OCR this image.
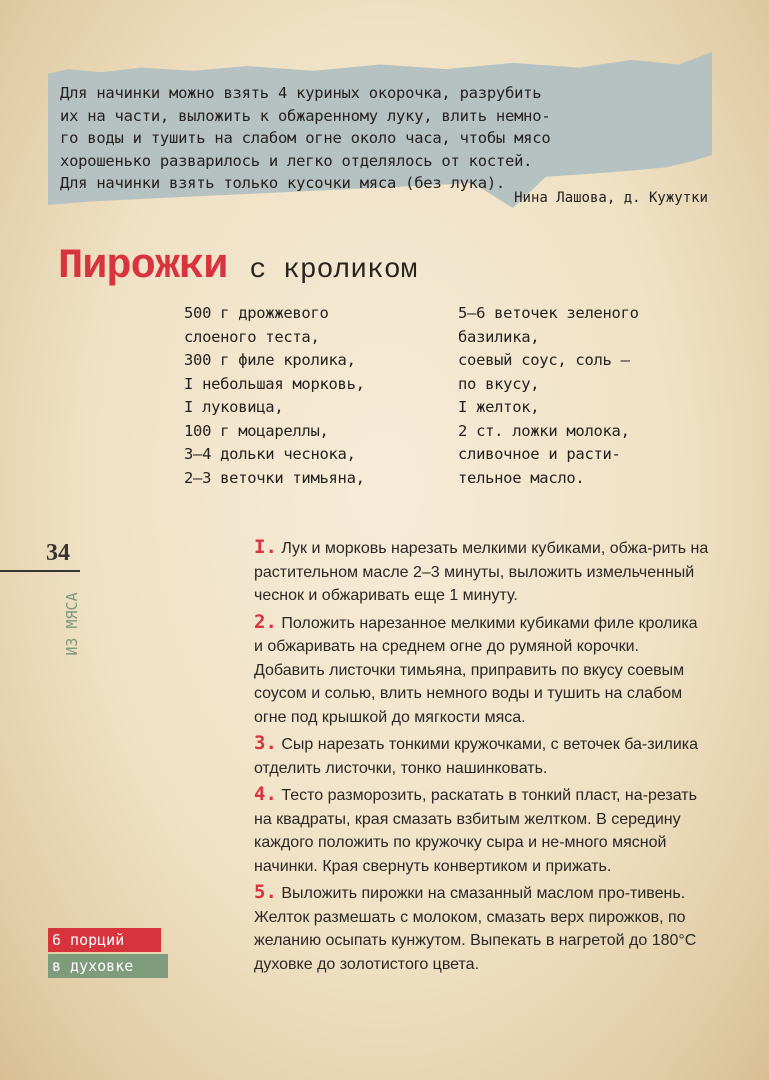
Для начинки можно взять 4 куриных окорочка, разрубить
их на части, выложить к обжаренному луку, влить немно-
го воды и тушить на слабом огне около часа, чтобы мясо
хорошенько разварилось и легко отделялось от костей.
Для начинки взять только кусочки мяса (без лука).
Нина Лашова, д. Кужутки
Пирожки с кроликом
500 г дрожжевого
слоеного теста,
300 г филе кролика,
I небольшая морковь,
I луковица,
100 г моцареллы,
3–4 дольки чеснока,
2–3 веточки тимьяна,
5–6 веточек зеленого
базилика,
соевый соус, соль –
по вкусу,
I желток,
2 ст. ложки молока,
сливочное и расти-
тельное масло.
I. Лук и морковь нарезать мелкими кубиками, обжа-рить на растительном масле 2–3 минуты, выложить измельченный чеснок и обжаривать еще 1 минуту.
2. Положить нарезанное мелкими кубиками филе кролика и обжаривать на среднем огне до румяной корочки. Добавить листочки тимьяна, приправить по вкусу соевым соусом и солью, влить немного воды и тушить на слабом огне под крышкой до мягкости мяса.
3. Сыр нарезать тонкими кружочками, с веточек ба-зилика отделить листочки, тонко нашинковать.
4. Тесто разморозить, раскатать в тонкий пласт, на-резать на квадраты, края смазать взбитым желтком. В середину каждого положить по кружочку сыра и не-много мясной начинки. Края свернуть конвертиком и прижать.
5. Выложить пирожки на смазанный маслом про-тивень. Желток размешать с молоком, смазать верх пирожков, по желанию осыпать кунжутом. Выпекать в нагретой до 180°С духовке до золотистого цвета.
34
ИЗ МЯСА
6 порций
в духовке
